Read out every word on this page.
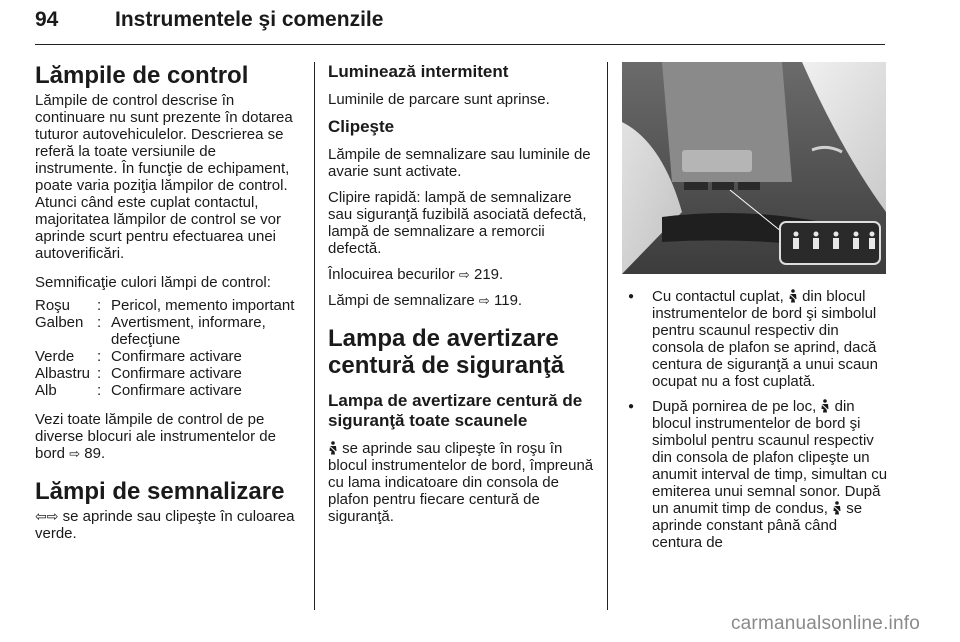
94	Instrumentele şi comenzile
Lămpile de control

Lămpile de control descrise în continuare nu sunt prezente în dotarea tuturor autovehiculelor. Descrierea se referă la toate versiunile de instrumente. În funcţie de echipament, poate varia poziţia lămpilor de control. Atunci când este cuplat contactul, majoritatea lămpilor de control se vor aprinde scurt pentru efectuarea unei autoverificări.

Semnificaţie culori lămpi de control:

Roşu	:	Pericol, memento important
Galben	:	Avertisment, informare, defecţiune
Verde	:	Confirmare activare
Albastru	:	Confirmare activare
Alb	:	Confirmare activare

Vezi toate lămpile de control de pe diverse blocuri ale instrumentelor de bord ⇨ 89.

Lămpi de semnalizare

⇦⇨ se aprinde sau clipeşte în culoarea verde.

Luminează intermitent

Luminile de parcare sunt aprinse.

Clipeşte

Lămpile de semnalizare sau luminile de avarie sunt activate.

Clipire rapidă: lampă de semnalizare sau siguranţă fuzibilă asociată defectă, lampă de semnalizare a remorcii defectă.

Înlocuirea becurilor ⇨ 219.

Lămpi de semnalizare ⇨ 119.

Lampa de avertizare centură de siguranţă
Lampa de avertizare centură de siguranţă toate scaunele

se aprinde sau clipeşte în roşu în blocul instrumentelor de bord, împreună cu lama indicatoare din consola de plafon pentru fiecare centură de siguranţă.

● Cu contactul cuplat, din blocul instrumentelor de bord şi simbolul pentru scaunul respectiv din consola de plafon se aprind, dacă centura de siguranţă a unui scaun ocupat nu a fost cuplată.
● După pornirea de pe loc, din blocul instrumentelor de bord şi simbolul pentru scaunul respectiv din consola de plafon clipeşte un anumit interval de timp, simultan cu emiterea unui semnal sonor. După un anumit timp de condus, se aprinde constant până când centura de
carmanualsonline.info
